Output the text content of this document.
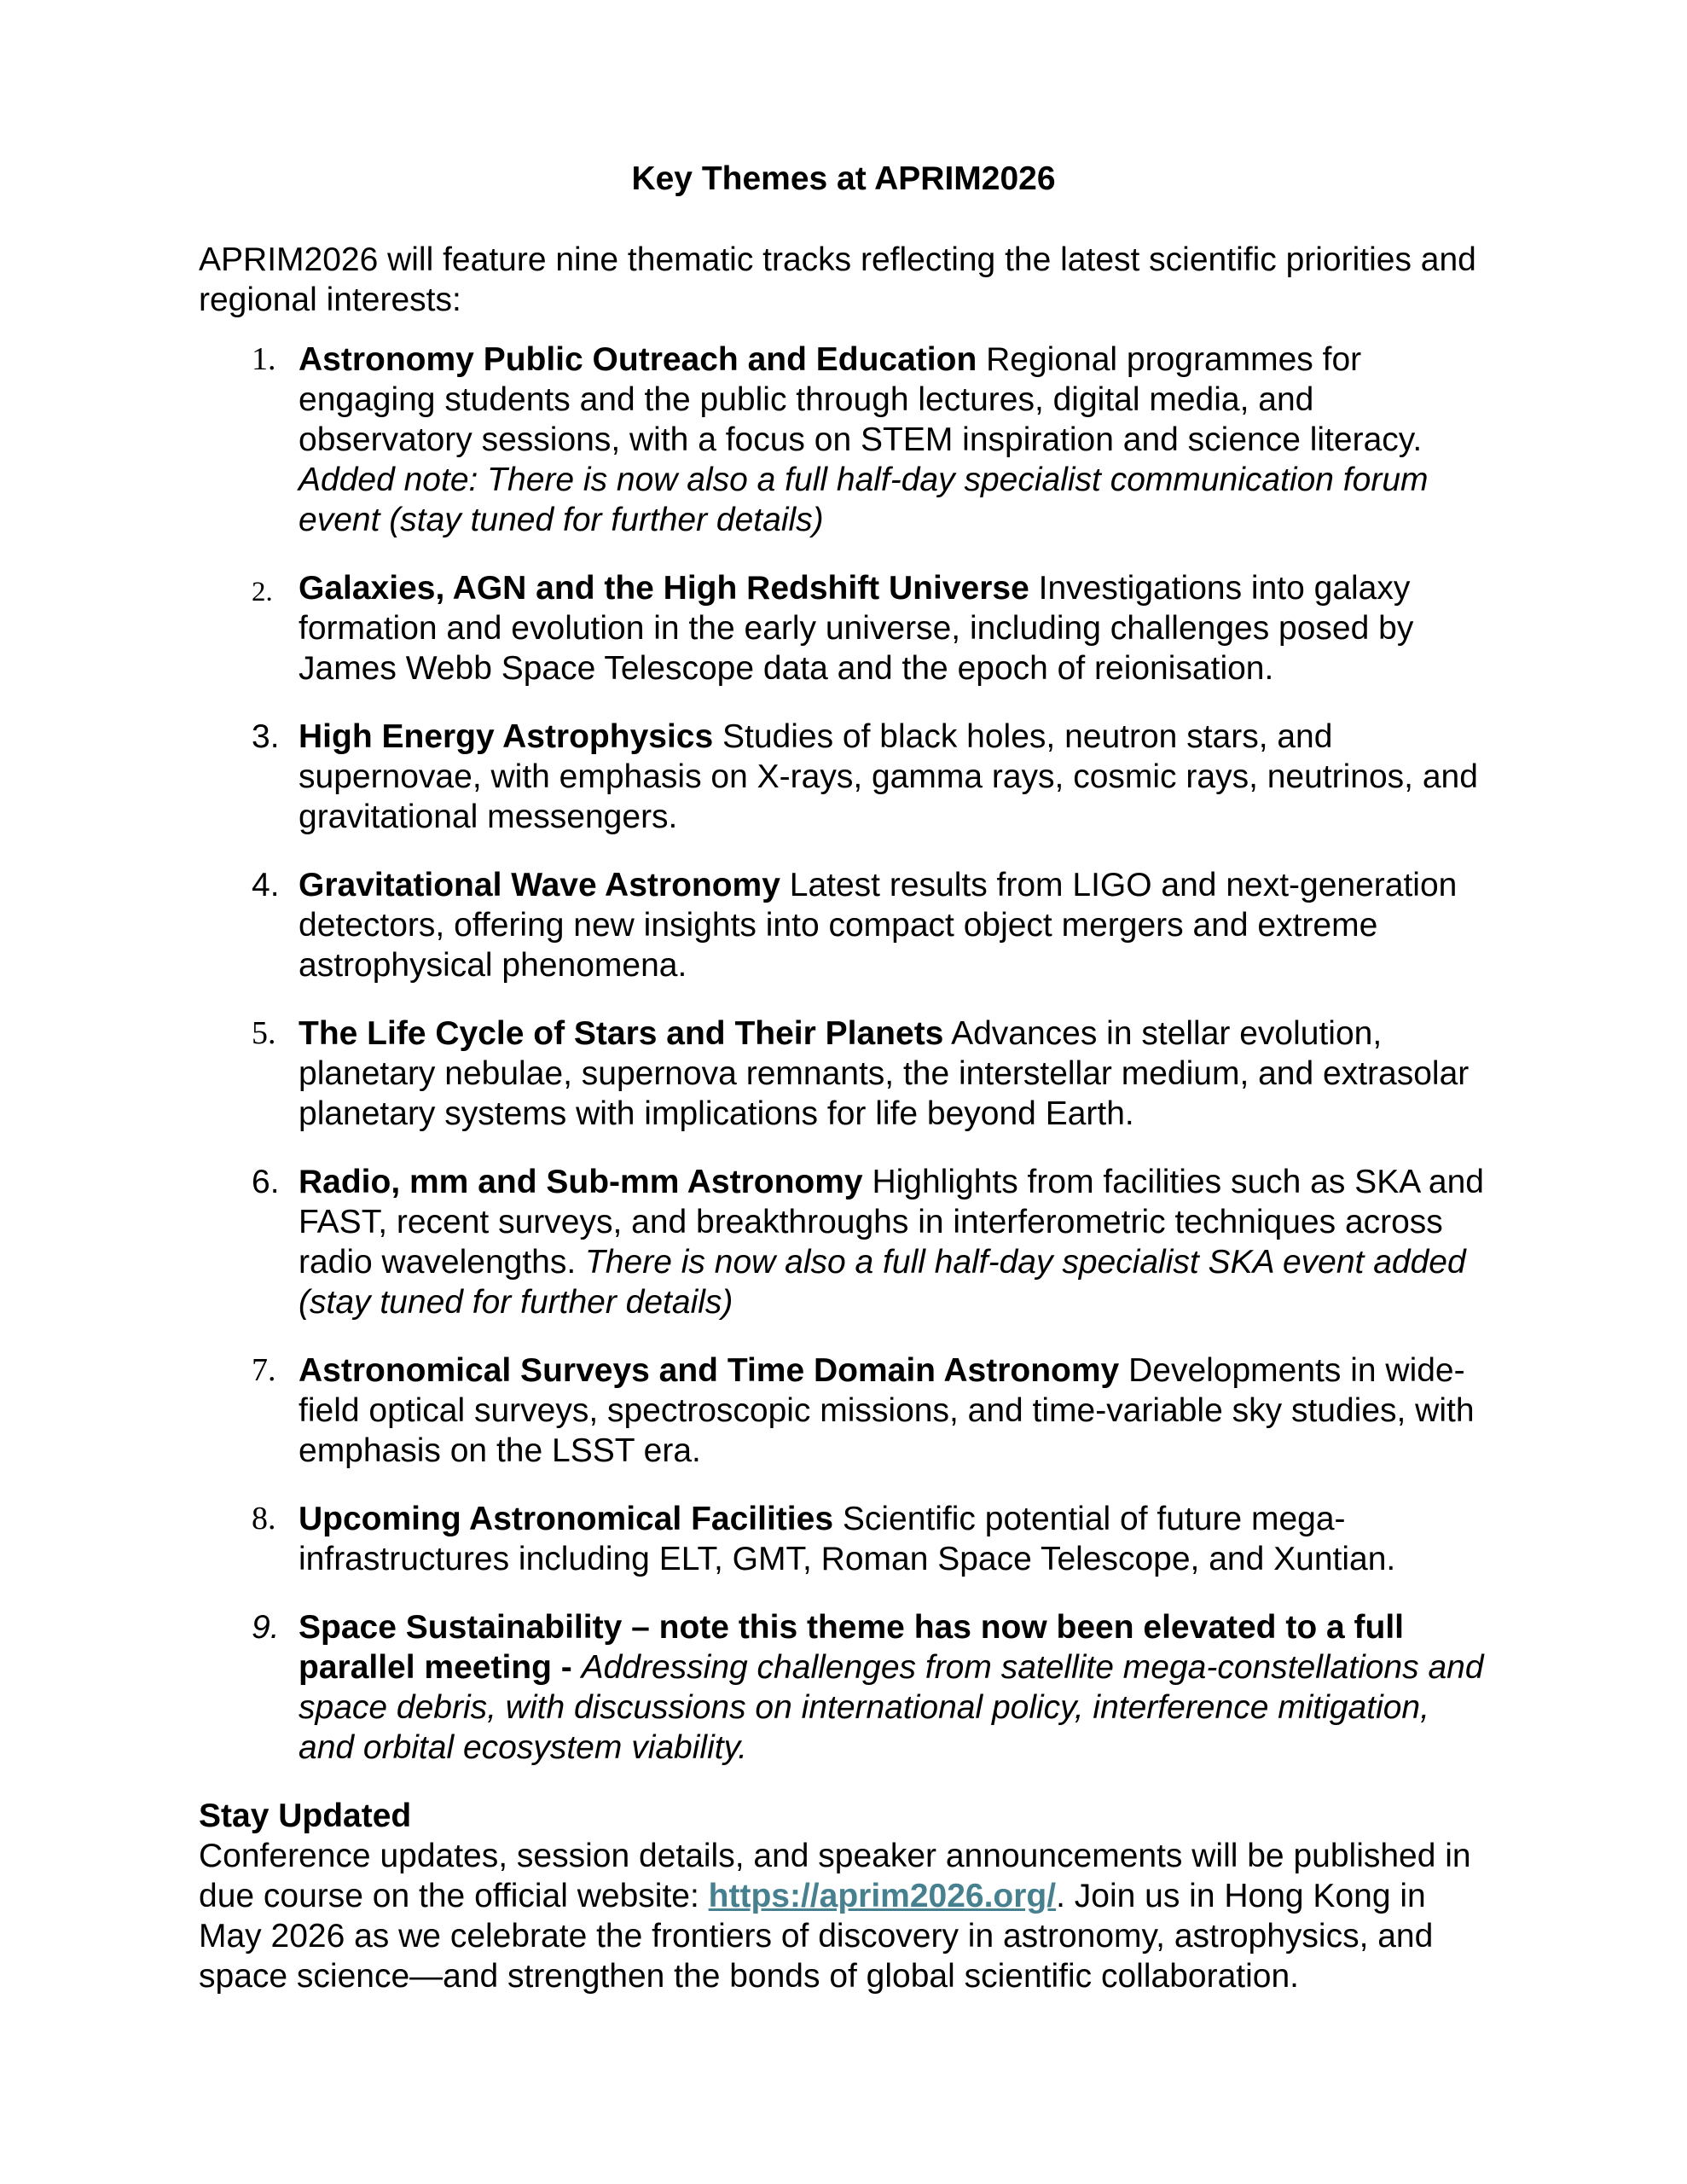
Key Themes at APRIM2026

APRIM2026 will feature nine thematic tracks reflecting the latest scientific priorities and regional interests:

1. Astronomy Public Outreach and Education Regional programmes for engaging students and the public through lectures, digital media, and observatory sessions, with a focus on STEM inspiration and science literacy. Added note: There is now also a full half-day specialist communication forum event (stay tuned for further details)
2. Galaxies, AGN and the High Redshift Universe Investigations into galaxy formation and evolution in the early universe, including challenges posed by James Webb Space Telescope data and the epoch of reionisation.
3. High Energy Astrophysics Studies of black holes, neutron stars, and supernovae, with emphasis on X-rays, gamma rays, cosmic rays, neutrinos, and gravitational messengers.
4. Gravitational Wave Astronomy Latest results from LIGO and next-generation detectors, offering new insights into compact object mergers and extreme astrophysical phenomena.
5. The Life Cycle of Stars and Their Planets Advances in stellar evolution, planetary nebulae, supernova remnants, the interstellar medium, and extrasolar planetary systems with implications for life beyond Earth.
6. Radio, mm and Sub-mm Astronomy Highlights from facilities such as SKA and FAST, recent surveys, and breakthroughs in interferometric techniques across radio wavelengths. There is now also a full half-day specialist SKA event added (stay tuned for further details)
7. Astronomical Surveys and Time Domain Astronomy Developments in wide-field optical surveys, spectroscopic missions, and time-variable sky studies, with emphasis on the LSST era.
8. Upcoming Astronomical Facilities Scientific potential of future mega-infrastructures including ELT, GMT, Roman Space Telescope, and Xuntian.
9. Space Sustainability – note this theme has now been elevated to a full parallel meeting - Addressing challenges from satellite mega-constellations and space debris, with discussions on international policy, interference mitigation, and orbital ecosystem viability.

Stay Updated

Conference updates, session details, and speaker announcements will be published in due course on the official website: https://aprim2026.org/. Join us in Hong Kong in May 2026 as we celebrate the frontiers of discovery in astronomy, astrophysics, and space science—and strengthen the bonds of global scientific collaboration.
